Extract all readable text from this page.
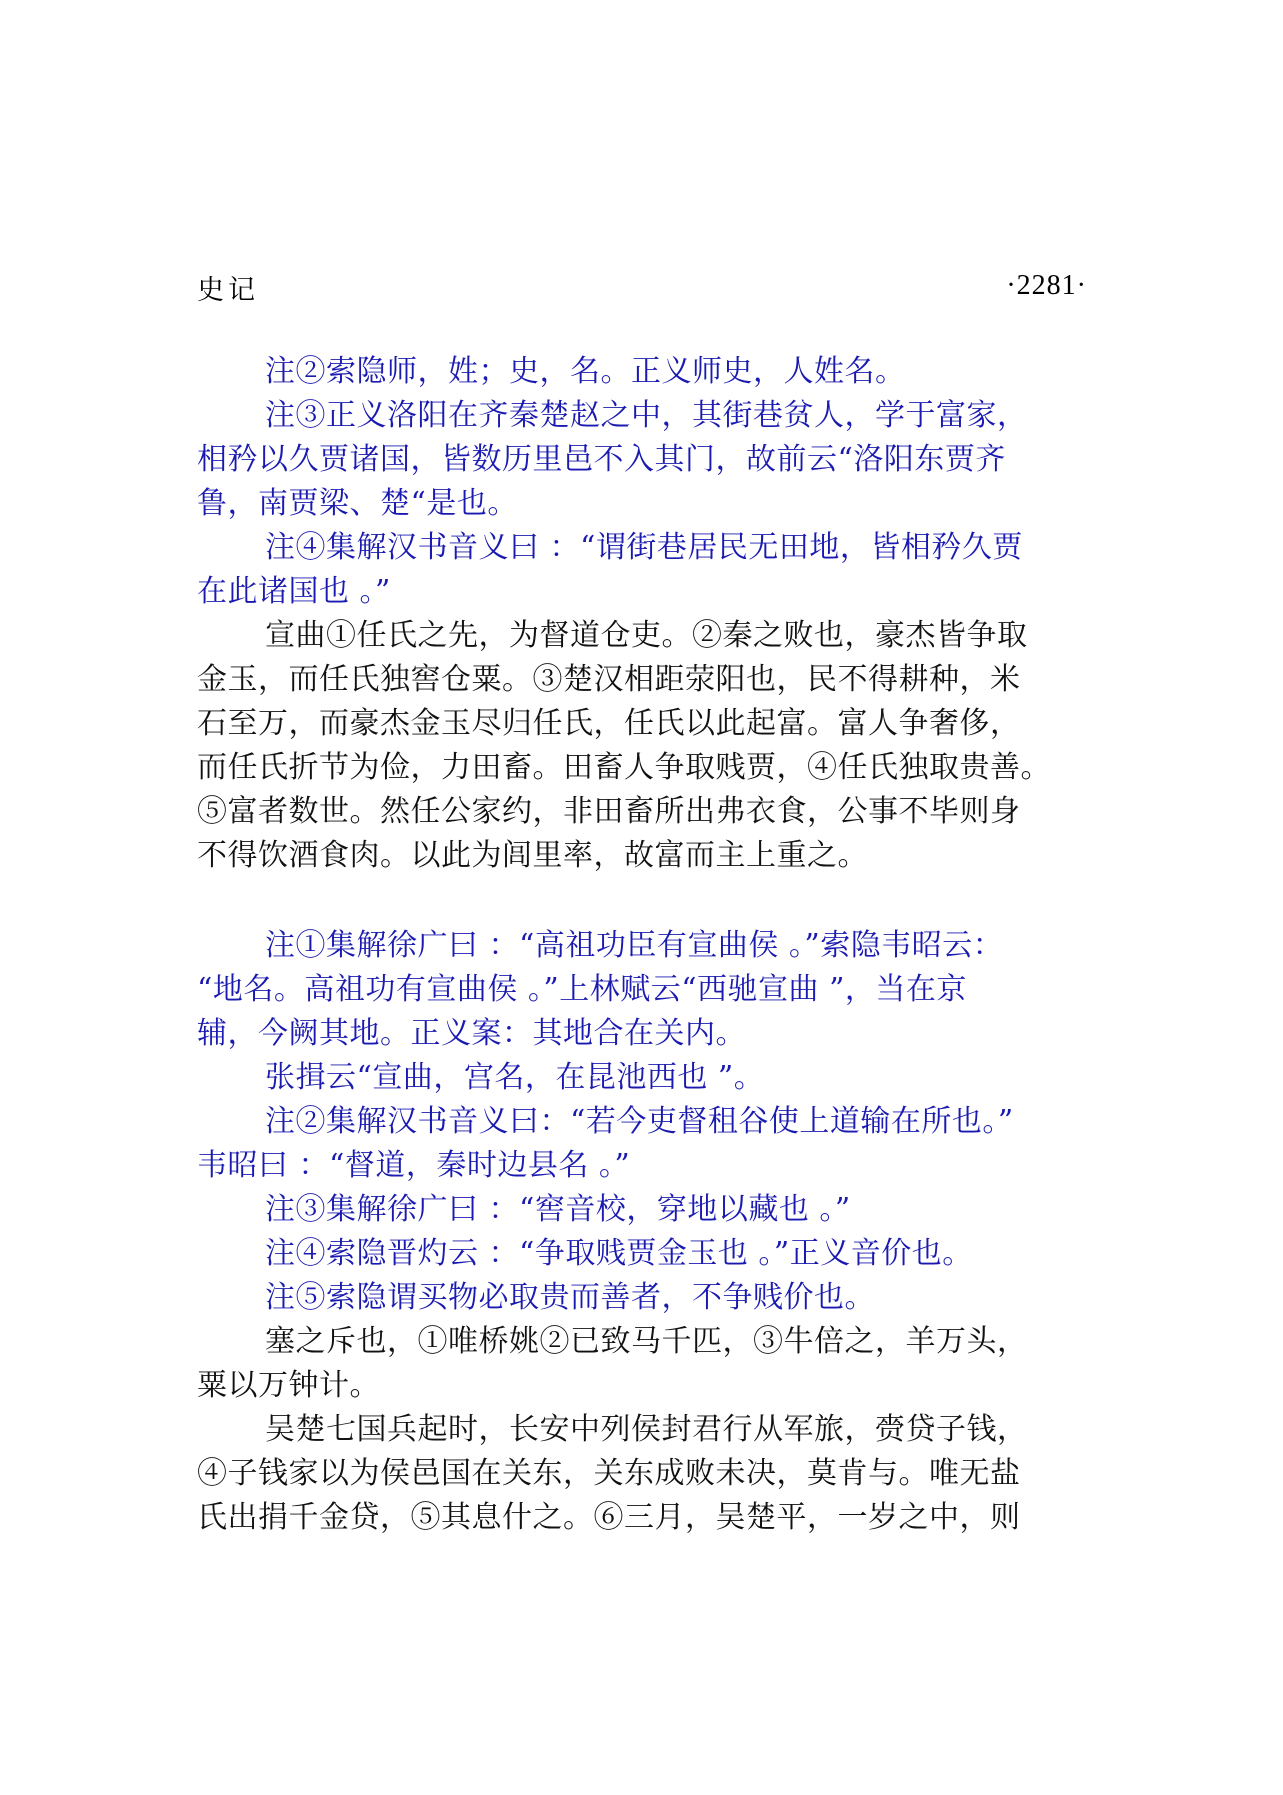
史记	·2281·
注②索隐师，姓；史，名。正义师史，人姓名。
注③正义洛阳在齐秦楚赵之中，其街巷贫人，学于富家，
相矜以久贾诸国，皆数历里邑不入其门，故前云“洛阳东贾齐
鲁，南贾梁、楚“是也。
注④集解汉书音义曰 ：“谓街巷居民无田地，皆相矜久贾
在此诸国也 。”
宣曲①任氏之先，为督道仓吏。②秦之败也，豪杰皆争取
金玉，而任氏独窖仓粟。③楚汉相距荥阳也，民不得耕种，米
石至万，而豪杰金玉尽归任氏，任氏以此起富。富人争奢侈，
而任氏折节为俭，力田畜。田畜人争取贱贾，④任氏独取贵善。
⑤富者数世。然任公家约，非田畜所出弗衣食，公事不毕则身
不得饮酒食肉。以此为闾里率，故富而主上重之。
注①集解徐广曰 ：“高祖功臣有宣曲侯 。”索隐韦昭云：
“地名。高祖功有宣曲侯 。”上林赋云“西驰宣曲 ”，当在京
辅，今阙其地。正义案：其地合在关内。
张揖云“宣曲，宫名，在昆池西也 ”。
注②集解汉书音义曰：“若今吏督租谷使上道输在所也。”
韦昭曰 ：“督道，秦时边县名 。”
注③集解徐广曰 ：“窖音校，穿地以藏也 。”
注④索隐晋灼云 ：“争取贱贾金玉也 。”正义音价也。
注⑤索隐谓买物必取贵而善者，不争贱价也。
塞之斥也，①唯桥姚②已致马千匹，③牛倍之，羊万头，
粟以万钟计。
吴楚七国兵起时，长安中列侯封君行从军旅，赍贷子钱，
④子钱家以为侯邑国在关东，关东成败未决，莫肯与。唯无盐
氏出捐千金贷，⑤其息什之。⑥三月，吴楚平，一岁之中，则
